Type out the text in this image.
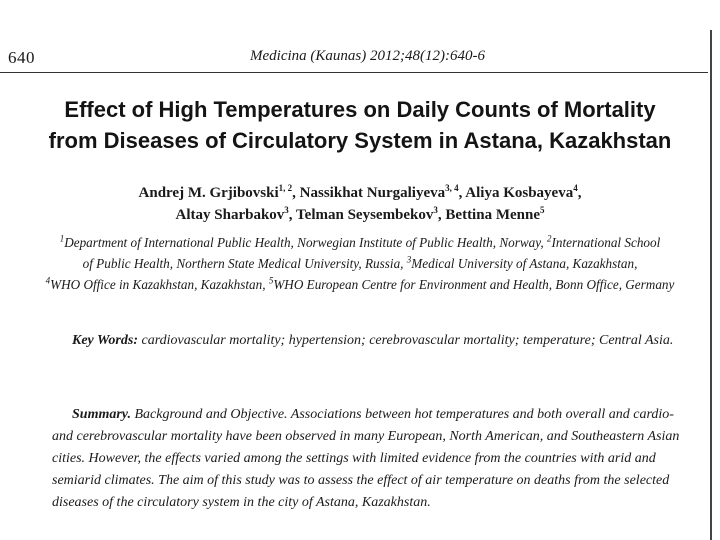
640	Medicina (Kaunas) 2012;48(12):640-6
Effect of High Temperatures on Daily Counts of Mortality
from Diseases of Circulatory System in Astana, Kazakhstan
Andrej M. Grjibovski$^{1, 2}$, Nassikhat Nurgaliyeva$^{3, 4}$, Aliya Kosbayeva$^4$,
Altay Sharbakov$^3$, Telman Seysembekov$^3$, Bettina Menne$^5$
$^1$Department of International Public Health, Norwegian Institute of Public Health, Norway, $^2$International School
of Public Health, Northern State Medical University, Russia, $^3$Medical University of Astana, Kazakhstan,
$^4$WHO Office in Kazakhstan, Kazakhstan, $^5$WHO European Centre for Environment and Health, Bonn Office, Germany
Key Words: cardiovascular mortality; hypertension; cerebrovascular mortality; temperature; Central Asia.
Summary. Background and Objective. Associations between hot temperatures and both overall and cardio- and cerebrovascular mortality have been observed in many European, North American, and Southeastern Asian cities. However, the effects varied among the settings with limited evidence from the countries with arid and semiarid climates. The aim of this study was to assess the effect of air temperature on deaths from the selected diseases of the circulatory system in the city of Astana, Kazakhstan.
